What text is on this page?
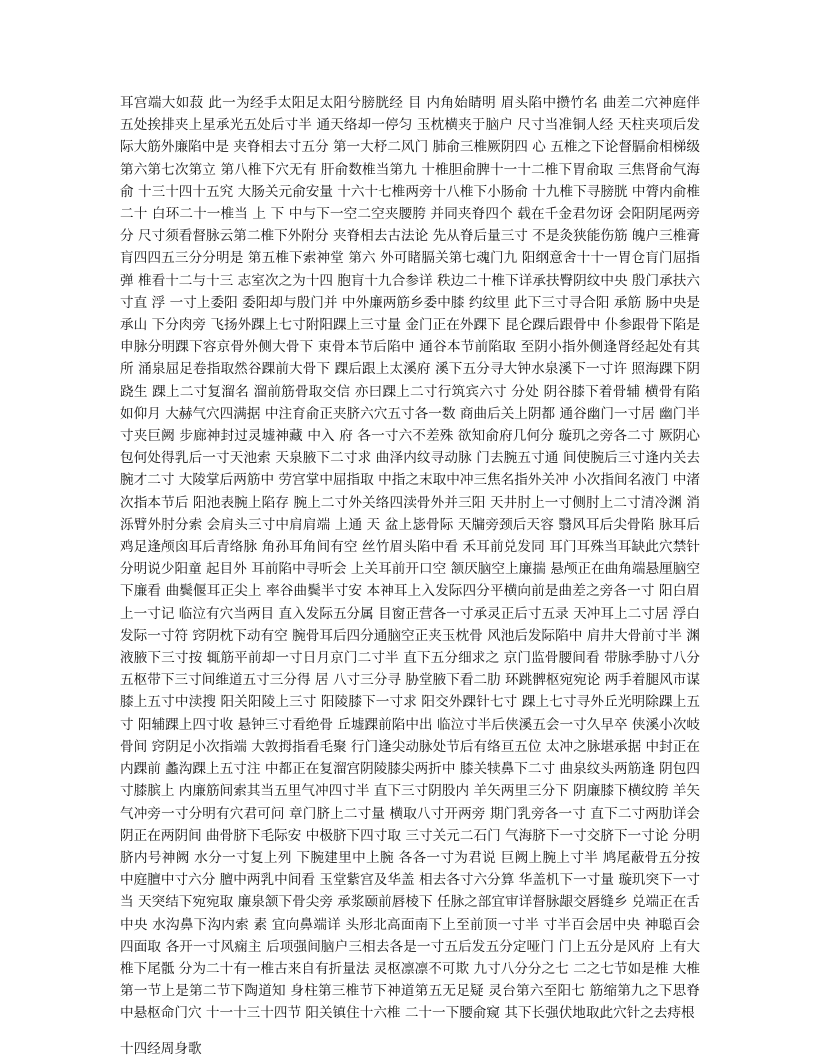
耳宫端大如菽 此一为经手太阳足太阳兮膀胱经 目 内角始睛明 眉头陷中攒竹名 曲差二穴神庭伴 五处挨排夹上星承光五处后寸半 通天络却一停匀 玉枕横夹于脑户 尺寸当准铜人经 天柱夹项后发际大筋外廉陷中是 夹脊相去寸五分 第一大杼二风门 肺俞三椎厥阴四 心 五椎之下论督膈俞相梯级 第六第七次第立 第八椎下穴无有 肝俞数椎当第九 十椎胆俞脾十一十二椎下胃俞取 三焦肾俞气海俞 十三十四十五究 大肠关元俞安量 十六十七椎两旁十八椎下小肠俞 十九椎下寻膀胱 中膂内俞椎二十 白环二十一椎当 上 下 中与下一空二空夹腰胯 并同夹脊四个 载在千金君勿讶 会阳阴尾两旁分 尺寸须看督脉云第二椎下外附分 夹脊相去古法论 先从脊后量三寸 不是灸狭能伤筋 魄户三椎膏肓四四五三分分明是 第五椎下索神堂 第六 外可睹膈关第七魂门九 阳纲意舍十十一胃仓肓门屈指弹 椎看十二与十三 志室次之为十四 胞肓十九合参详 秩边二十椎下详承扶臀阴纹中央 殷门承扶六寸直 浮 一寸上委阳 委阳却与殷门并 中外廉两筋乡委中膝 约纹里 此下三寸寻合阳 承筋 肠中央是 承山 下分肉旁 飞扬外踝上七寸附阳踝上三寸量 金门正在外踝下 昆仑踝后跟骨中 仆参跟骨下陷是 申脉分明踝下容京骨外侧大骨下 束骨本节后陷中 通谷本节前陷取 至阴小指外侧逢肾经起处有其所 涌泉屈足卷指取然谷踝前大骨下 踝后跟上太溪府 溪下五分寻大钟水泉溪下一寸许 照海踝下阴跷生 踝上二寸复溜名 溜前筋骨取交信 亦曰踝上二寸行筑宾六寸 分处 阴谷膝下着骨辅 横骨有陷如仰月 大赫气穴四满据 中注育俞正夹脐六穴五寸各一数 商曲后关上阴都 通谷幽门一寸居 幽门半寸夹巨阙 步廊神封过灵墟神藏 中入 府 各一寸六不差殊 欲知俞府几何分 璇玑之旁各二寸 厥阴心包何处得乳后一寸天池索 天泉腋下二寸求 曲泽内纹寻动脉 门去腕五寸通 间使腕后三寸逢内关去腕才二寸 大陵掌后两筋中 劳宫掌中屈指取 中指之末取中冲三焦名指外关冲 小次指间名液门 中渚次指本节后 阳池表腕上陷存 腕上二寸外关络四渎骨外并三阳 天井肘上一寸侧肘上二寸清冷渊 消泺臂外肘分索 会肩头三寸中肩肩端 上通 天 盆上毖骨际 天牖旁颈后天容 翳风耳后尖骨陷 脉耳后鸡足逢颅囟耳后青络脉 角孙耳角间有空 丝竹眉头陷中看 禾耳前兑发同 耳门耳殊当耳缺此穴禁针分明说少阳童 起目外 耳前陷中寻听会 上关耳前开口空 颔厌脑空上廉揣 悬颅正在曲角端悬厘脑空下廉看 曲鬓偃耳正尖上 率谷曲鬓半寸安 本神耳上入发际四分平横向前是曲差之旁各一寸 阳白眉上一寸记 临泣有穴当两目 直入发际五分属 目窗正营各一寸承灵正后寸五录 天冲耳上二寸居 浮白发际一寸符 窍阴枕下动有空 腕骨耳后四分通脑空正夹玉枕骨 风池后发际陷中 肩井大骨前寸半 渊液腋下三寸按 辄筋平前却一寸日月京门二寸半 直下五分细求之 京门监骨腰间看 带脉季胁寸八分 五枢带下三寸间维道五寸三分得 居 八寸三分寻 胁堂腋下看二肋 环跳髀枢宛宛论 两手着腿风市谋膝上五寸中渎搜 阳关阳陵上三寸 阳陵膝下一寸求 阳交外踝针七寸 踝上七寸寻外丘光明除踝上五寸 阳辅踝上四寸收 悬钟三寸看绝骨 丘墟踝前陷中出 临泣寸半后侠溪五会一寸久早卒 侠溪小次岐骨间 窍阴足小次指端 大敦拇指看毛聚 行门逢尖动脉处节后有络亘五位 太冲之脉堪承据 中封正在内踝前 蠡沟踝上五寸注 中都正在复溜宫阴陵膝尖两折中 膝关犊鼻下二寸 曲泉纹头两筋逢 阴包四寸膝膑上 内廉筋间索其当五里气冲四寸半 直下三寸阴股内 羊矢两里三分下 阴廉膝下横纹胯 羊矢气冲旁一寸分明有穴君可问 章门脐上二寸量 横取八寸开两旁 期门乳旁各一寸 直下二寸两肋详会阴正在两阴间 曲骨脐下毛际安 中极脐下四寸取 三寸关元二石门 气海脐下一寸交脐下一寸论 分明脐内号神阙 水分一寸复上列 下腕建里中上腕 各各一寸为君说 巨阙上腕上寸半 鸠尾蔽骨五分按 中庭膻中寸六分 膻中两乳中间看 玉堂紫宫及华盖 相去各寸六分算 华盖机下一寸量 璇玑突下一寸当 天突结下宛宛取 廉泉颔下骨尖旁 承浆颐前唇棱下 任脉之部宜审详督脉龈交唇缝乡 兑端正在舌中央 水沟鼻下沟内索 素 宜向鼻端详 头形北高面南下上至前顶一寸半 寸半百会居中央 神聪百会四面取 各开一寸风痫主 后项强间脑户三相去各是一寸五后发五分定哑门 门上五分是风府 上有大椎下尾骶 分为二十有一椎古来自有折量法 灵枢凛凛不可欺 九寸八分分之七 二之七节如是椎 大椎第一节上是第二节下陶道知 身柱第三椎节下神道第五无足疑 灵台第六至阳七 筋缩第九之下思脊中悬枢命门穴 十一十三十四节 阳关镇住十六椎 二十一下腰俞窥 其下长强伏地取此穴针之去痔根

十四经周身歌
